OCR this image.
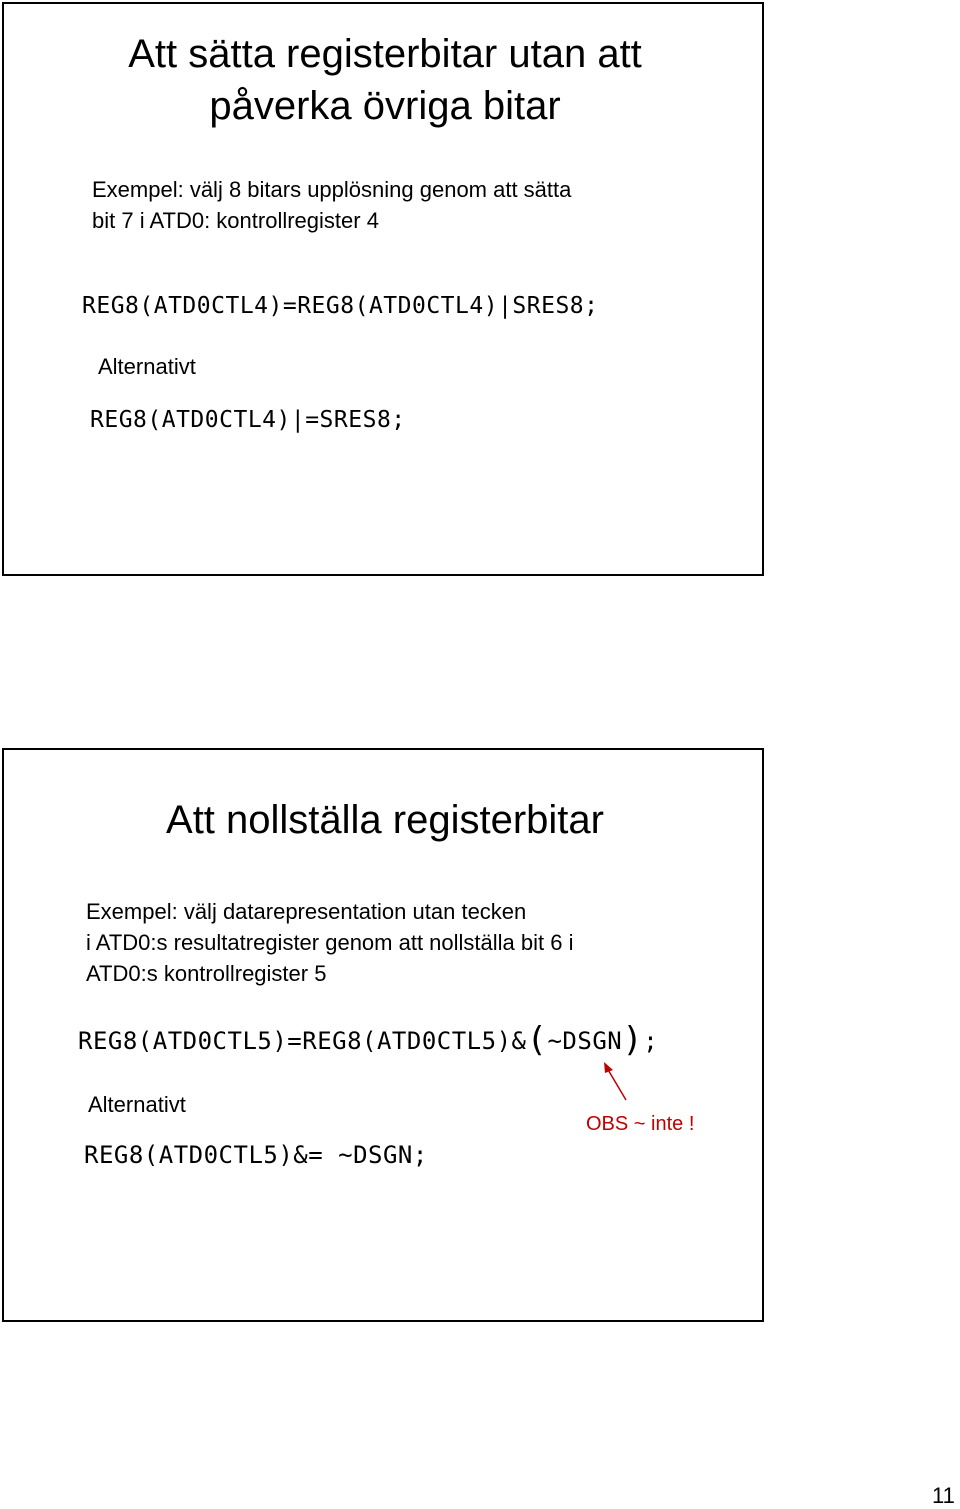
Att sätta registerbitar utan att
påverka övriga bitar
Exempel: välj 8 bitars upplösning genom att sätta
bit 7 i ATD0: kontrollregister 4
REG8(ATD0CTL4)=REG8(ATD0CTL4)|SRES8;
Alternativt
REG8(ATD0CTL4)|=SRES8;
Att nollställa registerbitar
Exempel: välj datarepresentation utan tecken
i ATD0:s resultatregister genom att nollställa bit 6 i
ATD0:s kontrollregister 5
REG8(ATD0CTL5)=REG8(ATD0CTL5)&(~DSGN);
Alternativt
OBS ~ inte !
REG8(ATD0CTL5)&= ~DSGN;
11
